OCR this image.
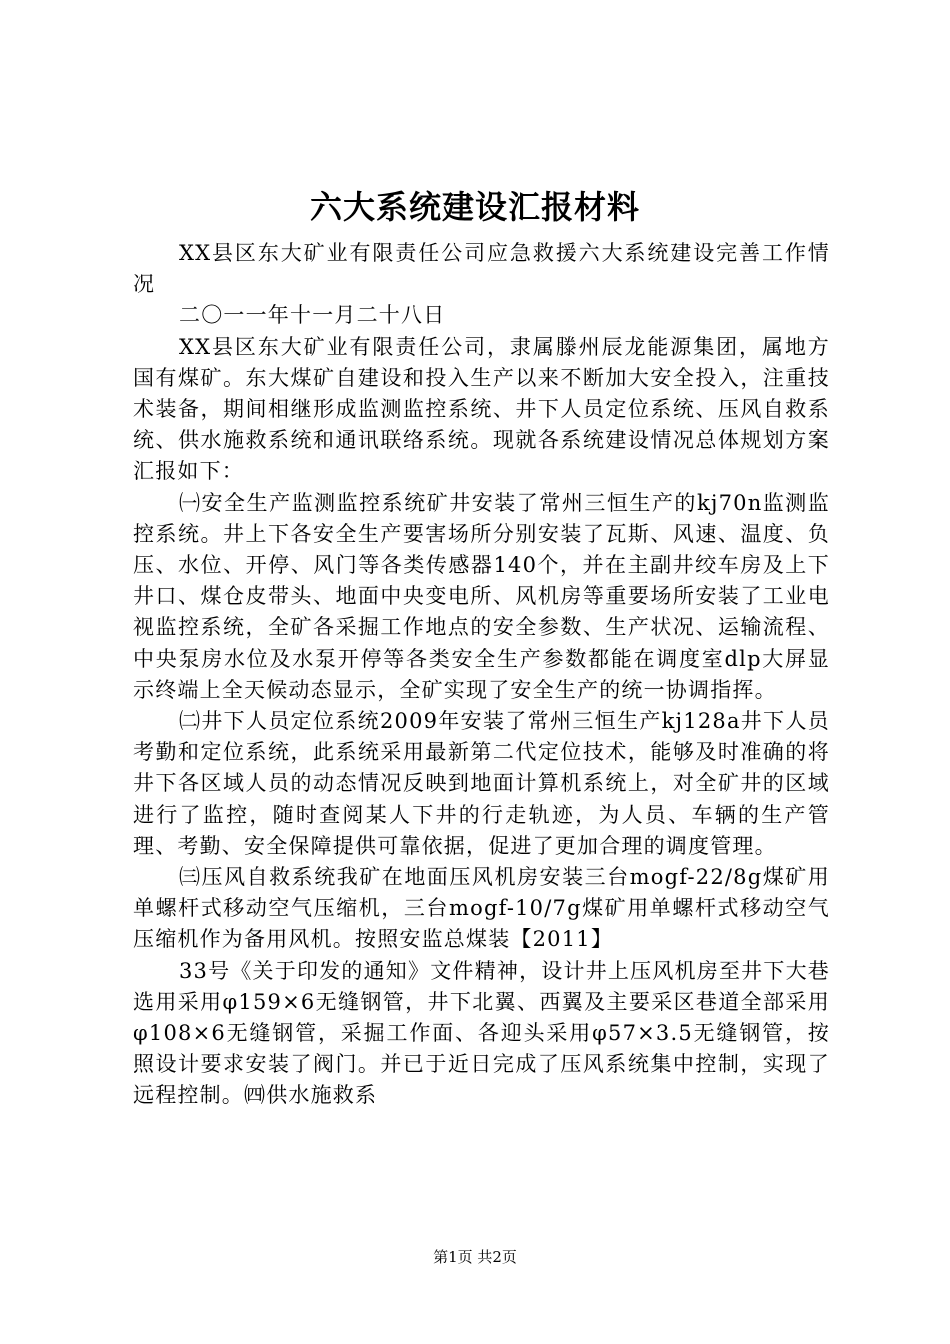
六大系统建设汇报材料

XX县区东大矿业有限责任公司应急救援六大系统建设完善工作情况

二〇一一年十一月二十八日

XX县区东大矿业有限责任公司，隶属滕州辰龙能源集团，属地方国有煤矿。东大煤矿自建设和投入生产以来不断加大安全投入，注重技术装备，期间相继形成监测监控系统、井下人员定位系统、压风自救系统、供水施救系统和通讯联络系统。现就各系统建设情况总体规划方案汇报如下：

㈠安全生产监测监控系统矿井安装了常州三恒生产的kj70n监测监控系统。井上下各安全生产要害场所分别安装了瓦斯、风速、温度、负压、水位、开停、风门等各类传感器140个，并在主副井绞车房及上下井口、煤仓皮带头、地面中央变电所、风机房等重要场所安装了工业电视监控系统，全矿各采掘工作地点的安全参数、生产状况、运输流程、中央泵房水位及水泵开停等各类安全生产参数都能在调度室dlp大屏显示终端上全天候动态显示，全矿实现了安全生产的统一协调指挥。

㈡井下人员定位系统2009年安装了常州三恒生产kj128a井下人员考勤和定位系统，此系统采用最新第二代定位技术，能够及时准确的将井下各区域人员的动态情况反映到地面计算机系统上，对全矿井的区域进行了监控，随时查阅某人下井的行走轨迹，为人员、车辆的生产管理、考勤、安全保障提供可靠依据，促进了更加合理的调度管理。

㈢压风自救系统我矿在地面压风机房安装三台mogf-22/8g煤矿用单螺杆式移动空气压缩机，三台mogf-10/7g煤矿用单螺杆式移动空气压缩机作为备用风机。按照安监总煤装【2011】

33号《关于印发的通知》文件精神，设计井上压风机房至井下大巷选用采用φ159×6无缝钢管，井下北翼、西翼及主要采区巷道全部采用φ108×6无缝钢管，采掘工作面、各迎头采用φ57×3.5无缝钢管，按照设计要求安装了阀门。并已于近日完成了压风系统集中控制，实现了远程控制。㈣供水施救系

第1页 共2页
